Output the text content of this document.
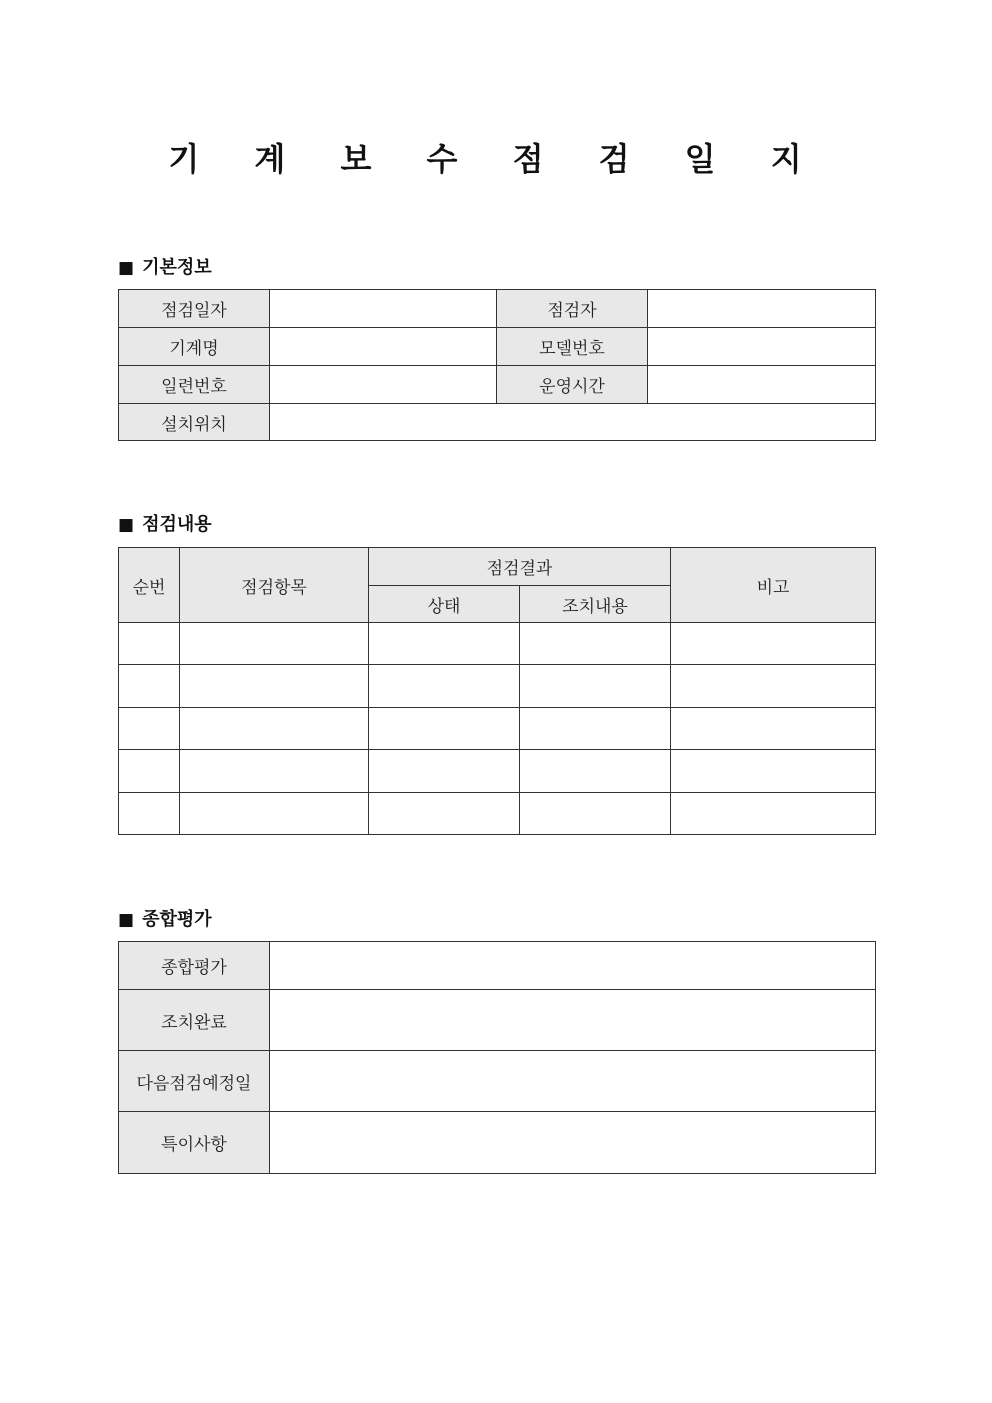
기 계 보 수 점 검 일 지
■ 기본정보
점검일자		점검자	
기계명		모델번호	
일련번호		운영시간	
설치위치			
■ 점검내용
순번	점검항목	점검결과		비고
		상태	조치내용	

■ 종합평가
종합평가	
조치완료	
다음점검예정일	
특이사항	
